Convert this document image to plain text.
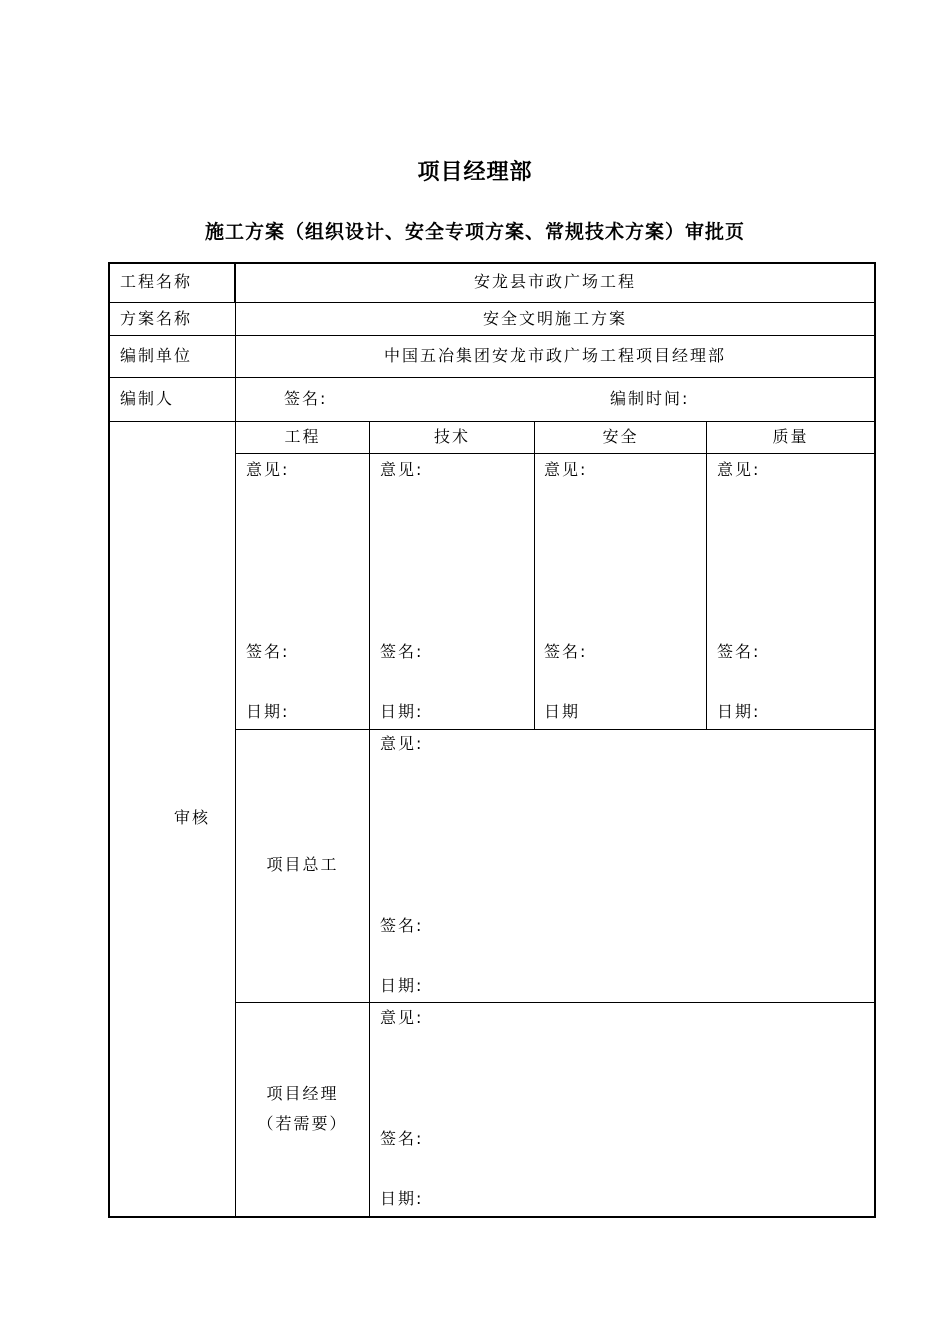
项目经理部
施工方案（组织设计、安全专项方案、常规技术方案）审批页
工程名称	安龙县市政广场工程
方案名称	安全文明施工方案
编制单位	中国五冶集团安龙市政广场工程项目经理部
编制人	签名:	编制时间:
审核
工程	技术	安全	质量
意见:	意见:	意见:	意见:
签名:	签名:	签名:	签名:
日期:	日期:	日期	日期:
项目总工
意见:
签名:
日期:
项目经理
（若需要）
意见:
签名:
日期:
